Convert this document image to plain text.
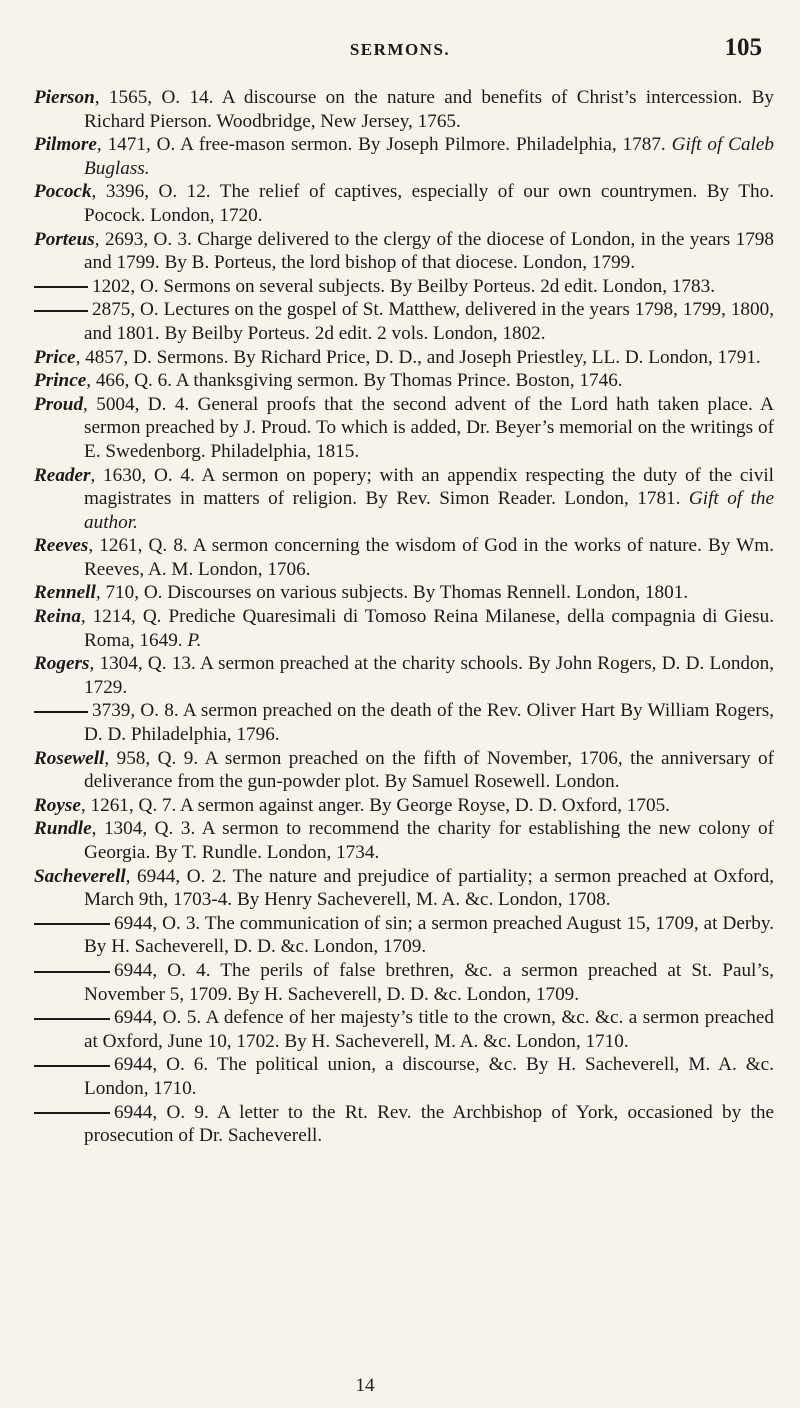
SERMONS.	105

Pierson, 1565, O. 14. A discourse on the nature and benefits of Christ’s intercession. By Richard Pierson. Woodbridge, New Jersey, 1765.

Pilmore, 1471, O. A free-mason sermon. By Joseph Pilmore. Philadelphia, 1787. Gift of Caleb Buglass.

Pocock, 3396, O. 12. The relief of captives, especially of our own countrymen. By Tho. Pocock. London, 1720.

Porteus, 2693, O. 3. Charge delivered to the clergy of the diocese of London, in the years 1798 and 1799. By B. Porteus, the lord bishop of that diocese. London, 1799.

1202, O. Sermons on several subjects. By Beilby Porteus. 2d edit. London, 1783.

2875, O. Lectures on the gospel of St. Matthew, delivered in the years 1798, 1799, 1800, and 1801. By Beilby Porteus. 2d edit. 2 vols. London, 1802.

Price, 4857, D. Sermons. By Richard Price, D. D., and Joseph Priestley, LL. D. London, 1791.

Prince, 466, Q. 6. A thanksgiving sermon. By Thomas Prince. Boston, 1746.

Proud, 5004, D. 4. General proofs that the second advent of the Lord hath taken place. A sermon preached by J. Proud. To which is added, Dr. Beyer’s memorial on the writings of E. Swedenborg. Philadelphia, 1815.

Reader, 1630, O. 4. A sermon on popery; with an appendix respecting the duty of the civil magistrates in matters of religion. By Rev. Simon Reader. London, 1781. Gift of the author.

Reeves, 1261, Q. 8. A sermon concerning the wisdom of God in the works of nature. By Wm. Reeves, A. M. London, 1706.

Rennell, 710, O. Discourses on various subjects. By Thomas Rennell. London, 1801.

Reina, 1214, Q. Prediche Quaresimali di Tomoso Reina Milanese, della compagnia di Giesu. Roma, 1649. P.

Rogers, 1304, Q. 13. A sermon preached at the charity schools. By John Rogers, D. D. London, 1729.

3739, O. 8. A sermon preached on the death of the Rev. Oliver Hart By William Rogers, D. D. Philadelphia, 1796.

Rosewell, 958, Q. 9. A sermon preached on the fifth of November, 1706, the anniversary of deliverance from the gun-powder plot. By Samuel Rosewell. London.

Royse, 1261, Q. 7. A sermon against anger. By George Royse, D. D. Oxford, 1705.

Rundle, 1304, Q. 3. A sermon to recommend the charity for establishing the new colony of Georgia. By T. Rundle. London, 1734.

Sacheverell, 6944, O. 2. The nature and prejudice of partiality; a sermon preached at Oxford, March 9th, 1703-4. By Henry Sacheverell, M. A. &c. London, 1708.

6944, O. 3. The communication of sin; a sermon preached August 15, 1709, at Derby. By H. Sacheverell, D. D. &c. London, 1709.

6944, O. 4. The perils of false brethren, &c. a sermon preached at St. Paul’s, November 5, 1709. By H. Sacheverell, D. D. &c. London, 1709.

6944, O. 5. A defence of her majesty’s title to the crown, &c. &c. a sermon preached at Oxford, June 10, 1702. By H. Sacheverell, M. A. &c. London, 1710.

6944, O. 6. The political union, a discourse, &c. By H. Sacheverell, M. A. &c. London, 1710.

6944, O. 9. A letter to the Rt. Rev. the Archbishop of York, occasioned by the prosecution of Dr. Sacheverell.

14
